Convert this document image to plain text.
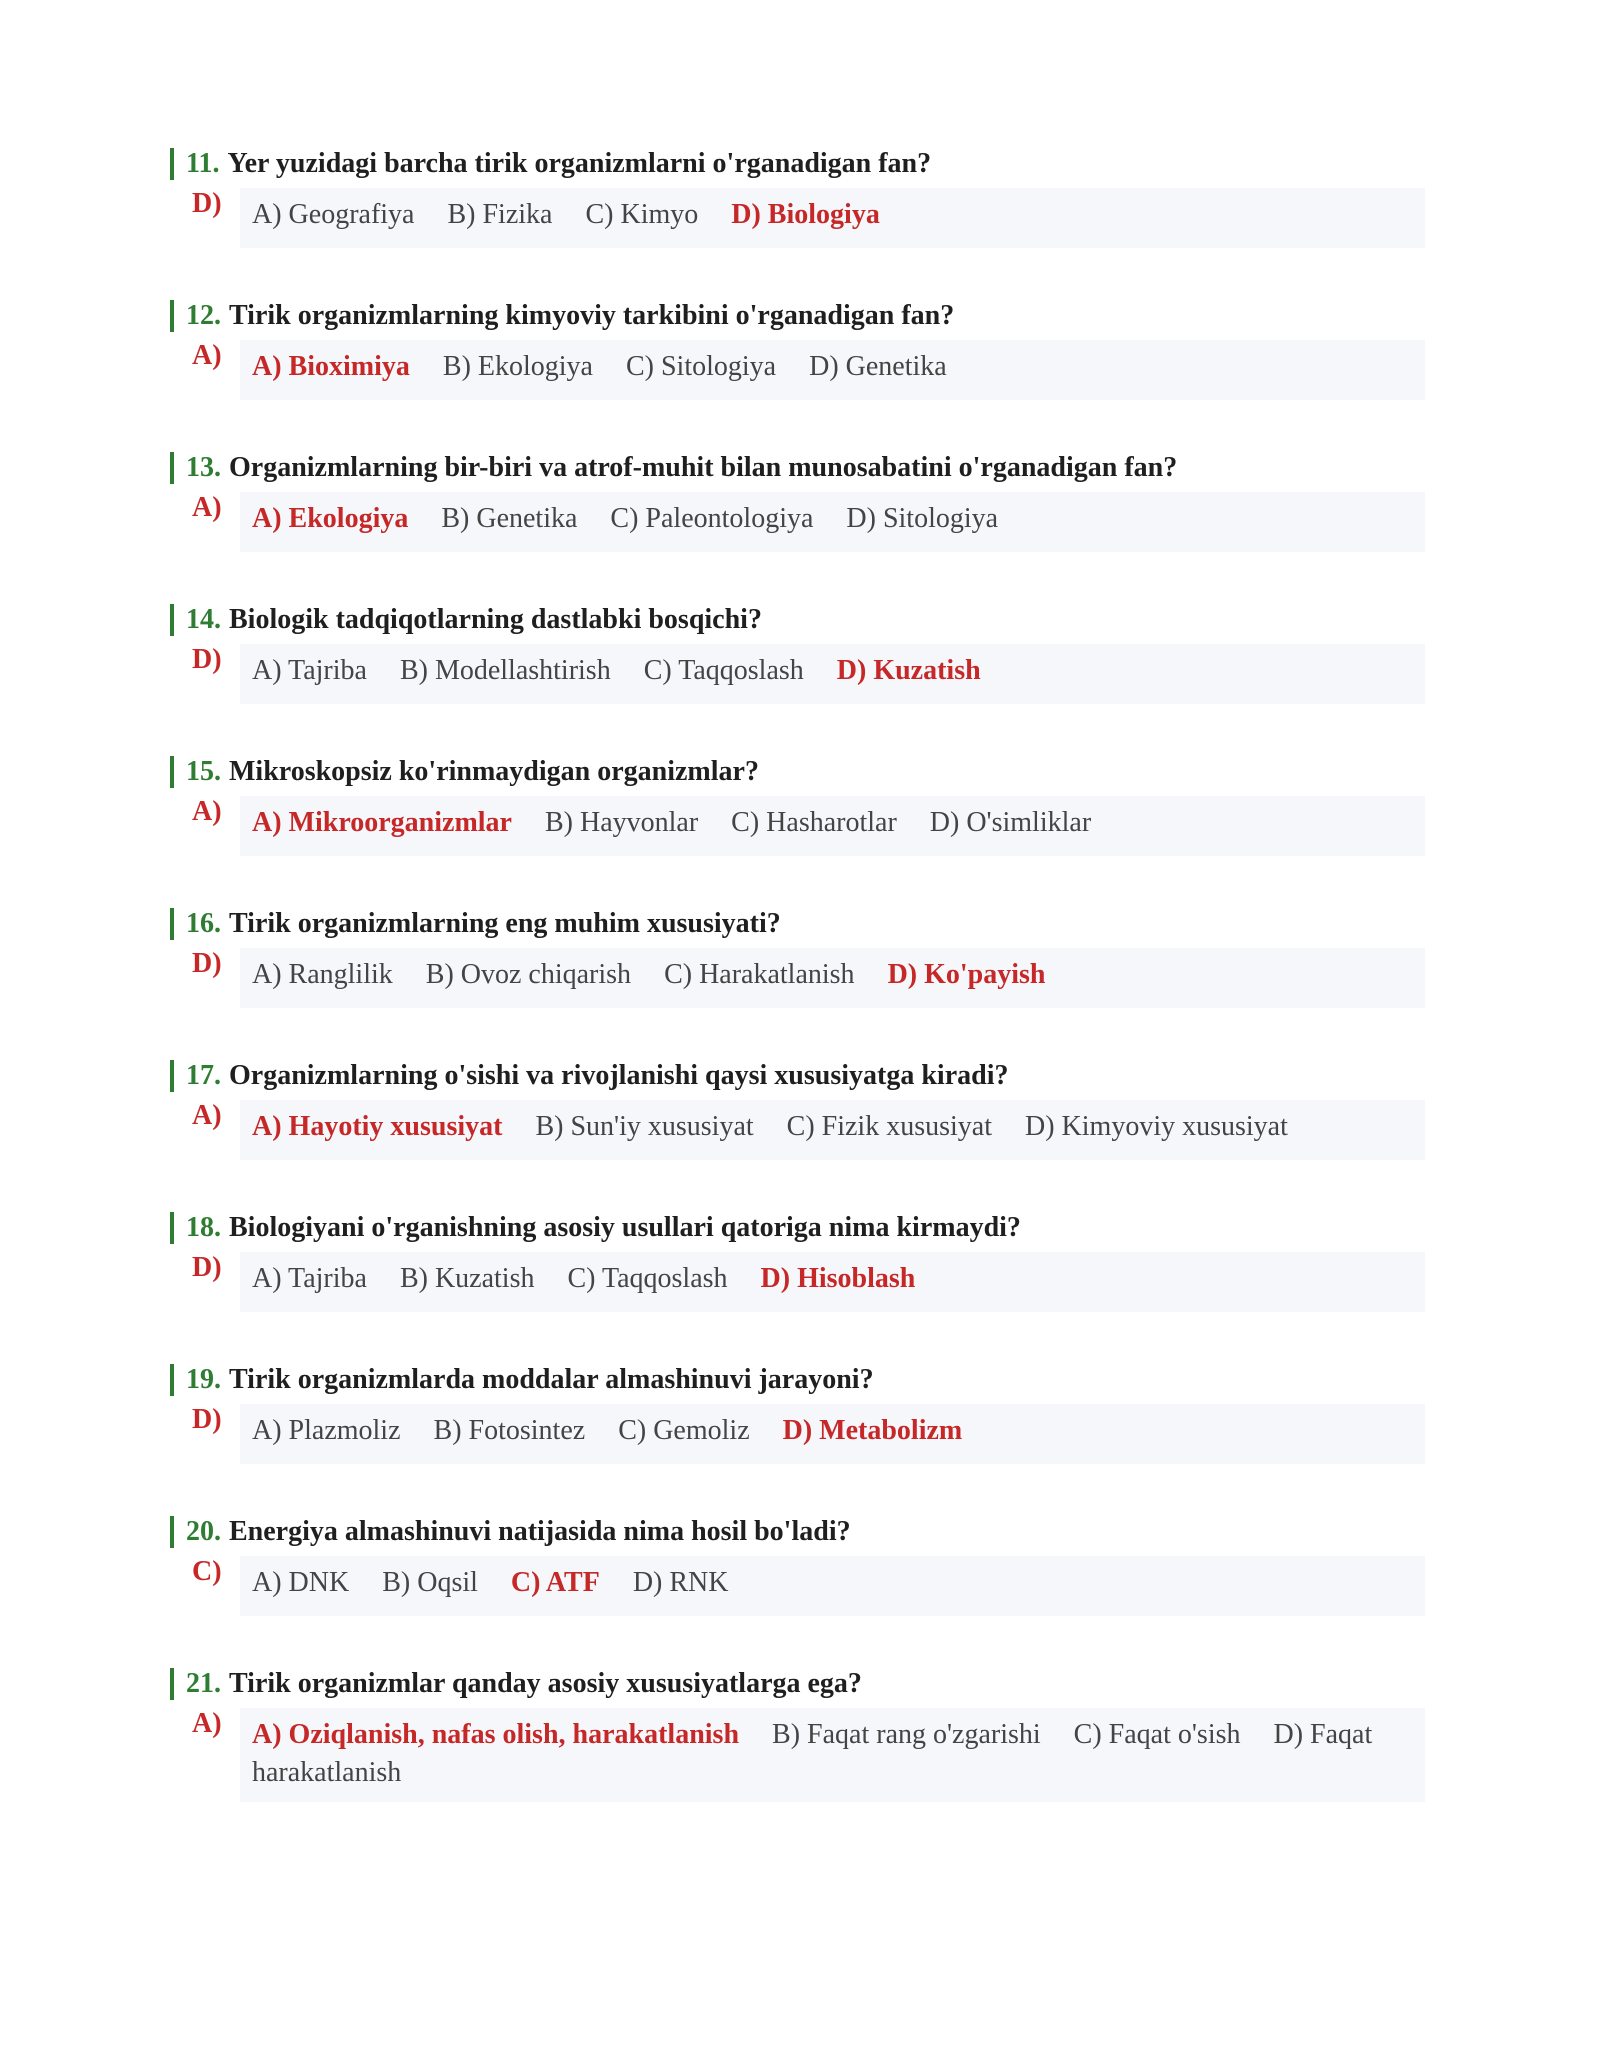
11. Yer yuzidagi barcha tirik organizmlarni o'rganadigan fan?
D)	A) Geografiya B) Fizika C) Kimyo D) Biologiya
12. Tirik organizmlarning kimyoviy tarkibini o'rganadigan fan?
A)	A) Bioximiya B) Ekologiya C) Sitologiya D) Genetika
13. Organizmlarning bir-biri va atrof-muhit bilan munosabatini o'rganadigan fan?
A)	A) Ekologiya B) Genetika C) Paleontologiya D) Sitologiya
14. Biologik tadqiqotlarning dastlabki bosqichi?
D)	A) Tajriba B) Modellashtirish C) Taqqoslash D) Kuzatish
15. Mikroskopsiz ko'rinmaydigan organizmlar?
A)	A) Mikroorganizmlar B) Hayvonlar C) Hasharotlar D) O'simliklar
16. Tirik organizmlarning eng muhim xususiyati?
D)	A) Ranglilik B) Ovoz chiqarish C) Harakatlanish D) Ko'payish
17. Organizmlarning o'sishi va rivojlanishi qaysi xususiyatga kiradi?
A)	A) Hayotiy xususiyat B) Sun'iy xususiyat C) Fizik xususiyat D) Kimyoviy xususiyat
18. Biologiyani o'rganishning asosiy usullari qatoriga nima kirmaydi?
D)	A) Tajriba B) Kuzatish C) Taqqoslash D) Hisoblash
19. Tirik organizmlarda moddalar almashinuvi jarayoni?
D)	A) Plazmoliz B) Fotosintez C) Gemoliz D) Metabolizm
20. Energiya almashinuvi natijasida nima hosil bo'ladi?
C)	A) DNK B) Oqsil C) ATF D) RNK
21. Tirik organizmlar qanday asosiy xususiyatlarga ega?
A)	A) Oziqlanish, nafas olish, harakatlanish B) Faqat rang o'zgarishi C) Faqat o'sish D) Faqat harakatlanish
